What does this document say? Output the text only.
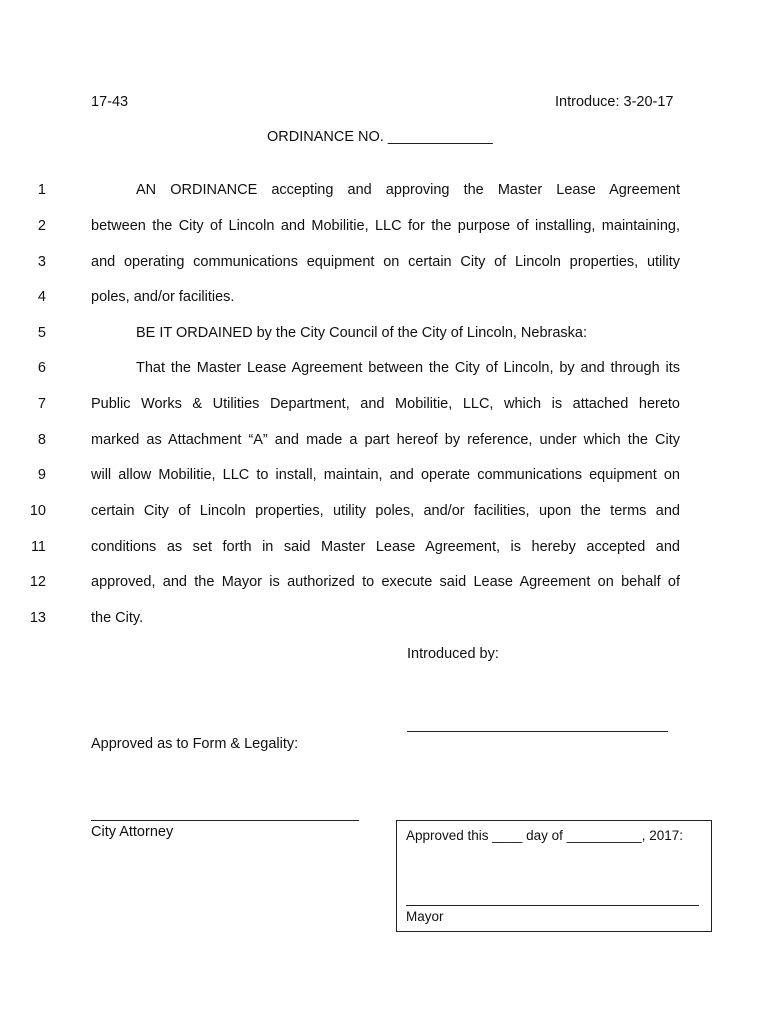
17-43	Introduce: 3-20-17
ORDINANCE NO. _____________
1	AN ORDINANCE accepting and approving the Master Lease Agreement
2	between the City of Lincoln and Mobilitie, LLC for the purpose of installing, maintaining,
3	and operating communications equipment on certain City of Lincoln properties, utility
4	poles, and/or facilities.
5	BE IT ORDAINED by the City Council of the City of Lincoln, Nebraska:
6	That the Master Lease Agreement between the City of Lincoln, by and through its
7	Public Works & Utilities Department, and Mobilitie, LLC, which is attached hereto
8	marked as Attachment “A” and made a part hereof by reference, under which the City
9	will allow Mobilitie, LLC to install, maintain, and operate communications equipment on
10	certain City of Lincoln properties, utility poles, and/or facilities, upon the terms and
11	conditions as set forth in said Master Lease Agreement, is hereby accepted and
12	approved, and the Mayor is authorized to execute said Lease Agreement on behalf of
13	the City.
Introduced by:
Approved as to Form & Legality:
City Attorney	Approved this ____ day of __________, 2017:
Mayor
